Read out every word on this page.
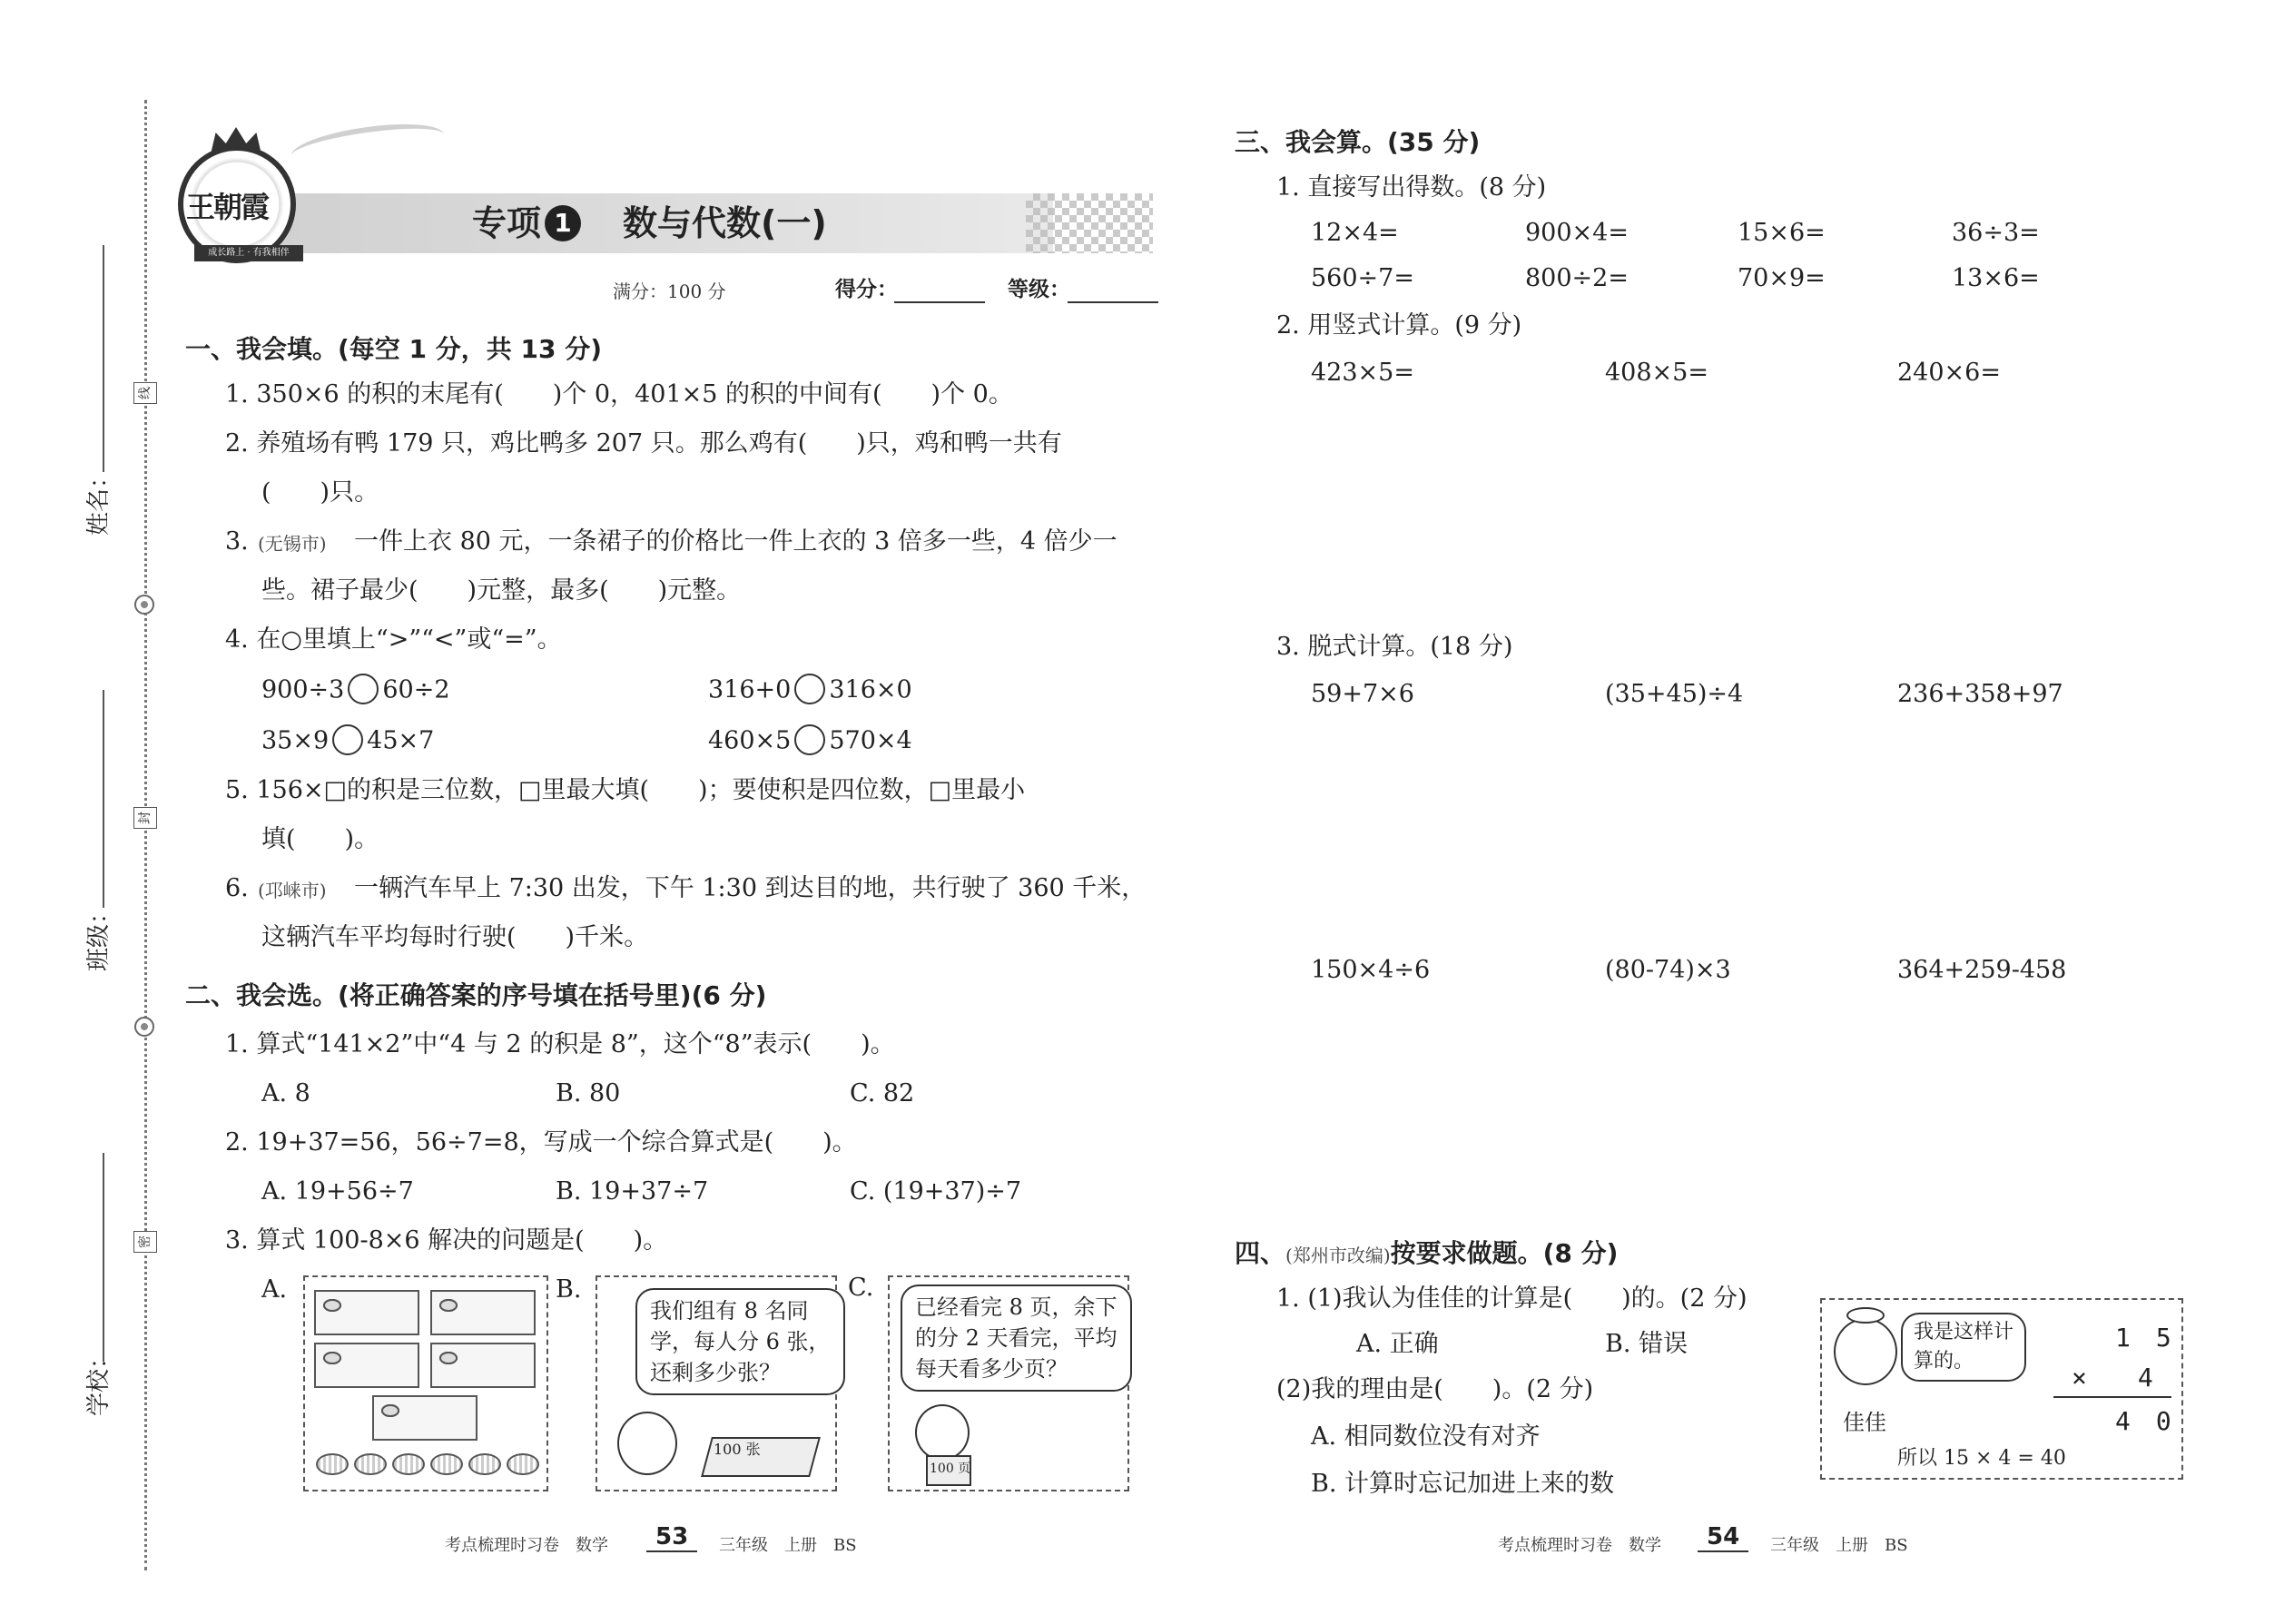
姓名：
班级：
学校：
线
封
密
王朝霞
成长路上 · 有我相伴
专项 1　 数与代数(一)
满分：100 分	得分：	等级：
一、我会填。(每空 1 分，共 13 分)
1. 350×6 的积的末尾有(　　)个 0，401×5 的积的中间有(　　)个 0。
2. 养殖场有鸭 179 只，鸡比鸭多 207 只。那么鸡有(　　)只，鸡和鸭一共有
(　　)只。
3. (无锡市) 一件上衣 80 元，一条裙子的价格比一件上衣的 3 倍多一些，4 倍少一
些。裙子最少(　　)元整，最多(　　)元整。
4. 在○里填上“>”“<”或“=”。
900÷3 60÷2	316+0 316×0
35×9 45×7	460×5 570×4
5. 156×□的积是三位数，□里最大填(　　)；要使积是四位数，□里最小
填(　　)。
6. (邛崃市) 一辆汽车早上 7:30 出发，下午 1:30 到达目的地，共行驶了 360 千米，
这辆汽车平均每时行驶(　　)千米。
二、我会选。(将正确答案的序号填在括号里)(6 分)
1. 算式“141×2”中“4 与 2 的积是 8”，这个“8”表示(　　)。
A. 8	B. 80	C. 82
2. 19+37=56，56÷7=8，写成一个综合算式是(　　)。
A. 19+56÷7	B. 19+37÷7	C. (19+37)÷7
3. 算式 100-8×6 解决的问题是(　　)。
A.	B.
我们组有 8 名同
学，每人分 6 张，
还剩多少张？
100 张
C.
已经看完 8 页，余下
的分 2 天看完，平均
每天看多少页？
100 页
考点梳理时习卷　数学	53	三年级　上册　BS
三、我会算。(35 分)
1. 直接写出得数。(8 分)
12×4=	900×4=	15×6=	36÷3=
560÷7=	800÷2=	70×9=	13×6=
2. 用竖式计算。(9 分)
423×5=	408×5=	240×6=
3. 脱式计算。(18 分)
59+7×6	(35+45)÷4	236+358+97
150×4÷6	(80-74)×3	364+259-458
四、(郑州市改编)按要求做题。(8 分)
1. (1)我认为佳佳的计算是(　　)的。(2 分)
A. 正确	B. 错误
(2)我的理由是(　　)。(2 分)
A. 相同数位没有对齐
B. 计算时忘记加进上来的数
我是这样计
算的。
佳佳
1　5
×　　4
4　0
所以 15 × 4 = 40
考点梳理时习卷　数学	54	三年级　上册　BS
